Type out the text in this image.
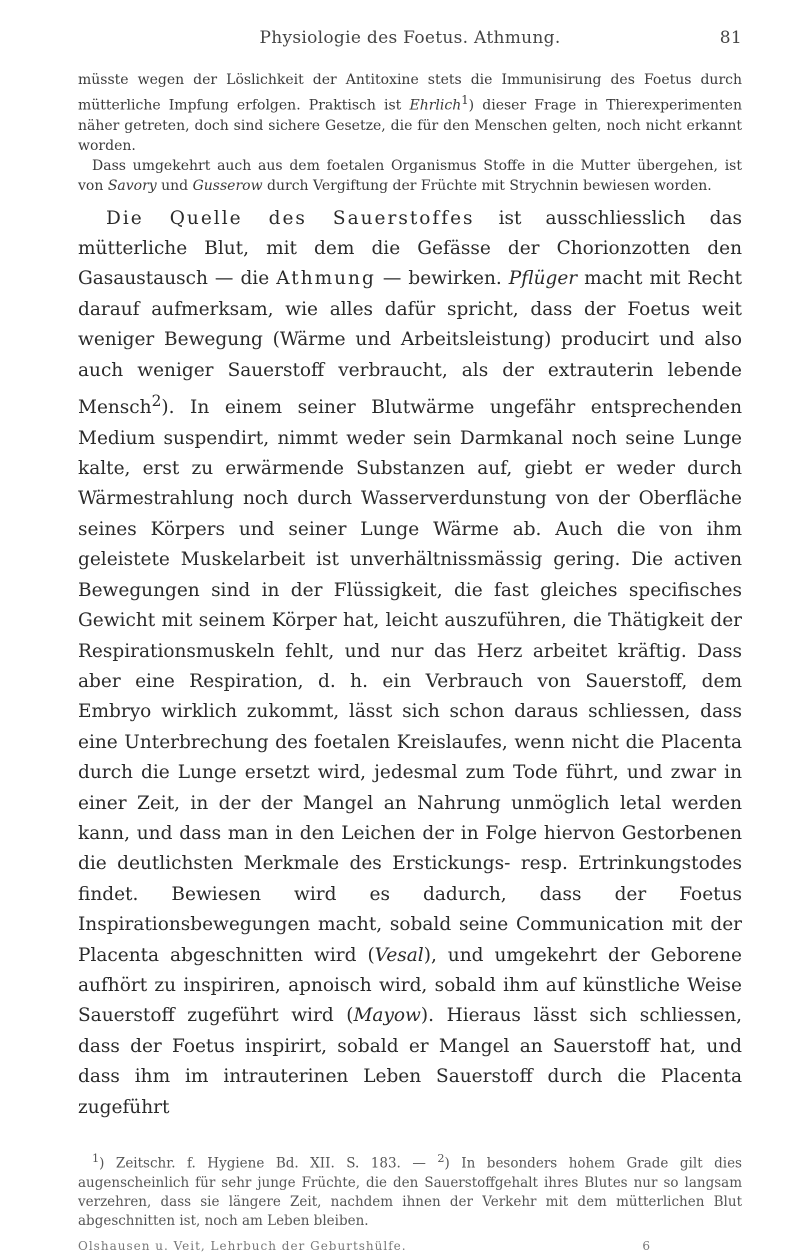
Physiologie des Foetus. Athmung.	81

müsste wegen der Löslichkeit der Antitoxine stets die Immunisirung des Foetus durch mütterliche Impfung erfolgen. Praktisch ist Ehrlich$^1$) dieser Frage in Thierexperimenten näher getreten, doch sind sichere Gesetze, die für den Menschen gelten, noch nicht erkannt worden.

Dass umgekehrt auch aus dem foetalen Organismus Stoffe in die Mutter übergehen, ist von Savory und Gusserow durch Vergiftung der Früchte mit Strychnin bewiesen worden.

Die Quelle des Sauerstoffes ist ausschliesslich das mütterliche Blut, mit dem die Gefässe der Chorionzotten den Gasaustausch — die Athmung — bewirken. Pflüger macht mit Recht darauf aufmerksam, wie alles dafür spricht, dass der Foetus weit weniger Bewegung (Wärme und Arbeitsleistung) producirt und also auch weniger Sauerstoff verbraucht, als der extrauterin lebende Mensch$^2$). In einem seiner Blutwärme ungefähr entsprechenden Medium suspendirt, nimmt weder sein Darmkanal noch seine Lunge kalte, erst zu erwärmende Substanzen auf, giebt er weder durch Wärmestrahlung noch durch Wasserverdunstung von der Oberfläche seines Körpers und seiner Lunge Wärme ab. Auch die von ihm geleistete Muskelarbeit ist unverhältnissmässig gering. Die activen Bewegungen sind in der Flüssigkeit, die fast gleiches specifisches Gewicht mit seinem Körper hat, leicht auszuführen, die Thätigkeit der Respirationsmuskeln fehlt, und nur das Herz arbeitet kräftig. Dass aber eine Respiration, d. h. ein Verbrauch von Sauerstoff, dem Embryo wirklich zukommt, lässt sich schon daraus schliessen, dass eine Unterbrechung des foetalen Kreislaufes, wenn nicht die Placenta durch die Lunge ersetzt wird, jedesmal zum Tode führt, und zwar in einer Zeit, in der der Mangel an Nahrung unmöglich letal werden kann, und dass man in den Leichen der in Folge hiervon Gestorbenen die deutlichsten Merkmale des Erstickungs- resp. Ertrinkungstodes findet. Bewiesen wird es dadurch, dass der Foetus Inspirationsbewegungen macht, sobald seine Communication mit der Placenta abgeschnitten wird (Vesal), und umgekehrt der Geborene aufhört zu inspiriren, apnoisch wird, sobald ihm auf künstliche Weise Sauerstoff zugeführt wird (Mayow). Hieraus lässt sich schliessen, dass der Foetus inspirirt, sobald er Mangel an Sauerstoff hat, und dass ihm im intrauterinen Leben Sauerstoff durch die Placenta zugeführt

$^1$) Zeitschr. f. Hygiene Bd. XII. S. 183. — $^2$) In besonders hohem Grade gilt dies augenscheinlich für sehr junge Früchte, die den Sauerstoffgehalt ihres Blutes nur so langsam verzehren, dass sie längere Zeit, nachdem ihnen der Verkehr mit dem mütterlichen Blut abgeschnitten ist, noch am Leben bleiben.

Olshausen u. Veit, Lehrbuch der Geburtshülfe.	6
